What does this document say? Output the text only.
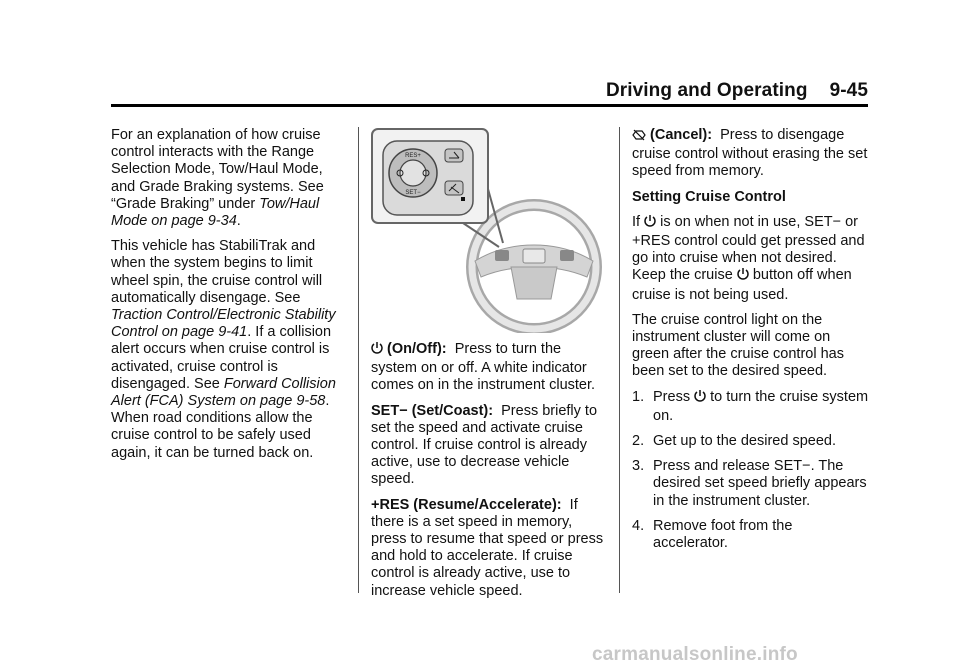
Driving and Operating 9-45

For an explanation of how cruise control interacts with the Range Selection Mode, Tow/Haul Mode, and Grade Braking systems. See “Grade Braking” under Tow/Haul Mode on page 9-34.

This vehicle has StabiliTrak and when the system begins to limit wheel spin, the cruise control will automatically disengage. See Traction Control/Electronic Stability Control on page 9-41. If a collision alert occurs when cruise control is activated, cruise control is disengaged. See Forward Collision Alert (FCA) System on page 9-58. When road conditions allow the cruise control to be safely used again, it can be turned back on.

RES+
SET−

(On/Off): Press to turn the system on or off. A white indicator comes on in the instrument cluster.

SET− (Set/Coast): Press briefly to set the speed and activate cruise control. If cruise control is already active, use to decrease vehicle speed.

+RES (Resume/Accelerate): If there is a set speed in memory, press to resume that speed or press and hold to accelerate. If cruise control is already active, use to increase vehicle speed.

(Cancel): Press to disengage cruise control without erasing the set speed from memory.

Setting Cruise Control

If is on when not in use, SET− or +RES control could get pressed and go into cruise when not desired. Keep the cruise button off when cruise is not being used.

The cruise control light on the instrument cluster will come on green after the cruise control has been set to the desired speed.

1. Press to turn the cruise system on.
2. Get up to the desired speed.
3. Press and release SET−. The desired set speed briefly appears in the instrument cluster.
4. Remove foot from the accelerator.
carmanualsonline.info
